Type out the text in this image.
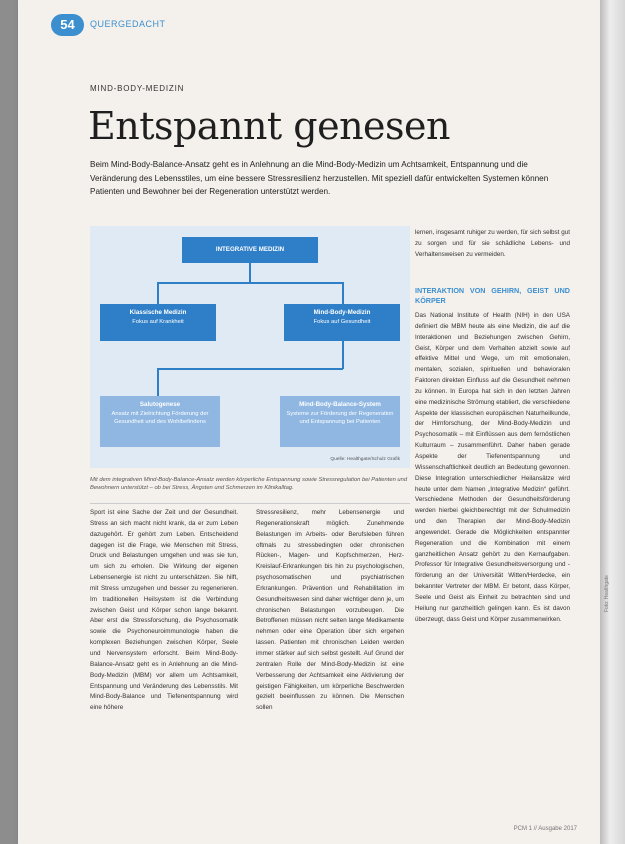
54	QUERGEDACHT
MIND-BODY-MEDIZIN
Entspannt genesen
Beim Mind-Body-Balance-Ansatz geht es in Anlehnung an die Mind-Body-Medizin um Achtsamkeit, Entspannung und die Veränderung des Lebensstiles, um eine bessere Stressresilienz herzustellen. Mit speziell dafür entwickelten Systemen können Patienten und Bewohner bei der Regeneration unterstützt werden.
INTEGRATIVE MEDIZIN
Klassische Medizin
Fokus auf Krankheit
Mind-Body-Medizin
Fokus auf Gesundheit
Salutogenese
Ansatz mit Zielrichtung Förderung der Gesundheit und des Wohlbefindens
Mind-Body-Balance-System
Systeme zur Förderung der Regeneration und Entspannung bei Patienten
Quelle: Healthgate/Schulz Grafik
Mit dem integrativen Mind-Body-Balance-Ansatz werden körperliche Entspannung sowie Stressregulation bei Patienten und Bewohnern unterstützt – ob bei Stress, Ängsten und Schmerzen im Klinikalltag.
Sport ist eine Sache der Zeit und der Gesundheit. Stress an sich macht nicht krank, da er zum Leben dazugehört. Er gehört zum Leben. Entscheidend dagegen ist die Frage, wie Menschen mit Stress, Druck und Belastungen umgehen und was sie tun, um sich zu erholen. Die Wirkung der eigenen Lebensenergie ist nicht zu unterschätzen. Sie hilft, mit Stress umzugehen und besser zu regenerieren. Im traditionellen Heilsystem ist die Verbindung zwischen Geist und Körper schon lange bekannt. Aber erst die Stressforschung, die Psychosomatik sowie die Psychoneuroimmunologie haben die komplexen Beziehungen zwischen Körper, Seele und Nervensystem erforscht. Beim Mind-Body-Balance-Ansatz geht es in Anlehnung an die Mind-Body-Medizin (MBM) vor allem um Achtsamkeit, Entspannung und Veränderung des Lebensstils. Mit Mind-Body-Balance und Tiefenentspannung wird eine höhere
Stressresilienz, mehr Lebensenergie und Regenerationskraft möglich. Zunehmende Belastungen im Arbeits- oder Berufsleben führen oftmals zu stressbedingten oder chronischen Rücken-, Magen- und Kopfschmerzen, Herz-Kreislauf-Erkrankungen bis hin zu psychologischen, psychosomatischen und psychiatrischen Erkrankungen. Prävention und Rehabilitation im Gesundheitswesen sind daher wichtiger denn je, um chronischen Belastungen vorzubeugen. Die Betroffenen müssen nicht selten lange Medikamente nehmen oder eine Operation über sich ergehen lassen. Patienten mit chronischen Leiden werden immer stärker auf sich selbst gestellt. Auf Grund der zentralen Rolle der Mind-Body-Medizin ist eine Verbesserung der Achtsamkeit eine Aktivierung der geistigen Fähigkeiten, um körperliche Beschwerden gezielt beeinflussen zu können. Die Menschen sollen
lernen, insgesamt ruhiger zu werden, für sich selbst gut zu sorgen und für sie schädliche Lebens- und Verhaltensweisen zu vermeiden.
INTERAKTION VON GEHIRN, GEIST UND KÖRPER
Das National Institute of Health (NIH) in den USA definiert die MBM heute als eine Medizin, die auf die Interaktionen und Beziehungen zwischen Gehirn, Geist, Körper und dem Verhalten abzielt sowie auf effektive Mittel und Wege, um mit emotionalen, mentalen, sozialen, spirituellen und behavioralen Faktoren direkten Einfluss auf die Gesundheit nehmen zu können. In Europa hat sich in den letzten Jahren eine medizinische Strömung etabliert, die verschiedene Aspekte der klassischen europäischen Naturheilkunde, der Hirnforschung, der Mind-Body-Medizin und Psychosomatik – mit Einflüssen aus dem fernöstlichen Kulturraum – zusammenführt. Daher haben gerade Aspekte der Tiefenentspannung und Wissenschaftlichkeit deutlich an Bedeutung gewonnen. Diese Integration unterschiedlicher Heilansätze wird heute unter dem Namen „Integrative Medizin“ geführt. Verschiedene Methoden der Gesundheitsförderung werden hierbei gleichberechtigt mit der Schulmedizin und den Therapien der Mind-Body-Medizin angewendet. Gerade die Möglichkeiten entspannter Regeneration und die Kombination mit einem ganzheitlichen Ansatz gehört zu den Kernaufgaben. Professor für Integrative Gesundheitsversorgung und -förderung an der Universität Witten/Herdecke, ein bekannter Vertreter der MBM. Er betont, dass Körper, Seele und Geist als Einheit zu betrachten sind und Heilung nur ganzheitlich gelingen kann. Es ist davon überzeugt, dass Geist und Körper zusammenwirken.
PCM 1 // Ausgabe 2017
Foto: Healthgate
